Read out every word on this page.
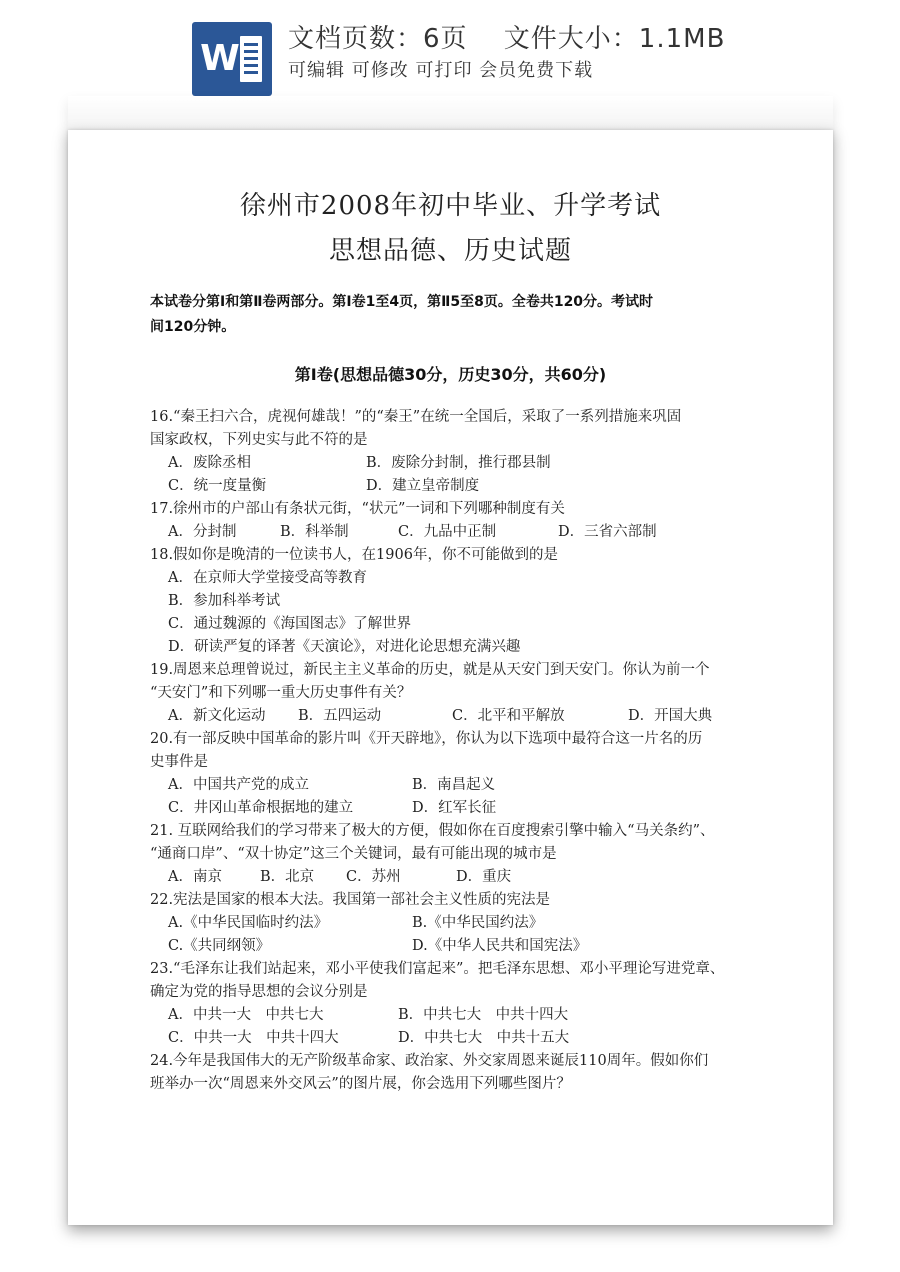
W 文档页数：6页　 文件大小：1.1MB
可编辑 可修改 可打印 会员免费下载
徐州市2008年初中毕业、升学考试
思想品德、历史试题
本试卷分第Ⅰ和第Ⅱ卷两部分。第Ⅰ卷1至4页，第Ⅱ5至8页。全卷共120分。考试时
间120分钟。
第Ⅰ卷(思想品德30分，历史30分，共60分)
16.“秦王扫六合，虎视何雄哉！”的“秦王”在统一全国后，采取了一系列措施来巩固
国家政权，下列史实与此不符的是
A．废除丞相	B．废除分封制，推行郡县制
C．统一度量衡	D．建立皇帝制度
17.徐州市的户部山有条状元街，“状元”一词和下列哪种制度有关
A．分封制	B．科举制	C．九品中正制	D．三省六部制
18.假如你是晚清的一位读书人，在1906年，你不可能做到的是
A．在京师大学堂接受高等教育
B．参加科举考试
C．通过魏源的《海国图志》了解世界
D．研读严复的译著《天演论》，对进化论思想充满兴趣
19.周恩来总理曾说过，新民主主义革命的历史，就是从天安门到天安门。你认为前一个
“天安门”和下列哪一重大历史事件有关？
A．新文化运动 B．五四运动	C．北平和平解放	D．开国大典
20.有一部反映中国革命的影片叫《开天辟地》，你认为以下选项中最符合这一片名的历
史事件是
A．中国共产党的成立	B．南昌起义
C．井冈山革命根据地的建立	D．红军长征
21. 互联网给我们的学习带来了极大的方便，假如你在百度搜索引擎中输入“马关条约”、
“通商口岸”、“双十协定”这三个关键词，最有可能出现的城市是
A．南京	B．北京 C．苏州	D．重庆
22.宪法是国家的根本大法。我国第一部社会主义性质的宪法是
A.《中华民国临时约法》	B.《中华民国约法》
C.《共同纲领》	D.《中华人民共和国宪法》
23.“毛泽东让我们站起来，邓小平使我们富起来”。把毛泽东思想、邓小平理论写进党章、
确定为党的指导思想的会议分别是
A．中共一大　中共七大	B．中共七大　中共十四大
C．中共一大　中共十四大	D．中共七大　中共十五大
24.今年是我国伟大的无产阶级革命家、政治家、外交家周恩来诞辰110周年。假如你们
班举办一次“周恩来外交风云”的图片展，你会选用下列哪些图片？
